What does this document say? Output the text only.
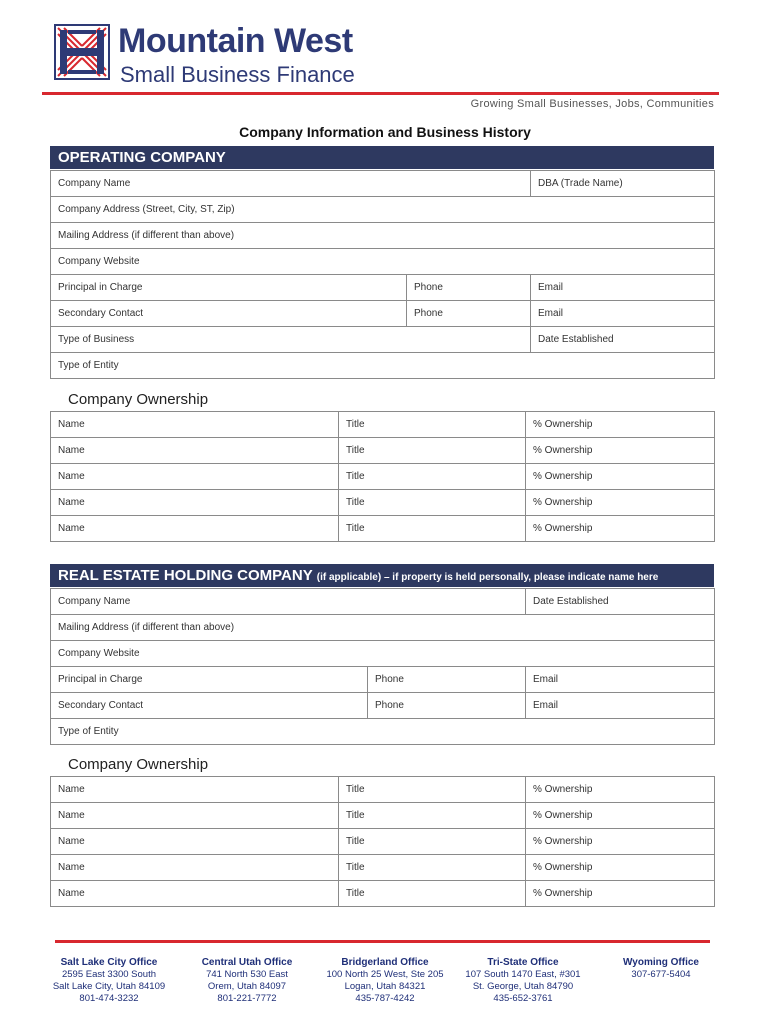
Mountain West
Small Business Finance
Growing Small Businesses, Jobs, Communities
Company Information and Business History
OPERATING COMPANY
Company Name		DBA (Trade Name)
Company Address (Street, City, ST, Zip)		
Mailing Address (if different than above)		
Company Website		
Principal in Charge	Phone	Email
Secondary Contact	Phone	Email
Type of Business		Date Established
Type of Entity		
Company Ownership
Name	Title	% Ownership
Name	Title	% Ownership
Name	Title	% Ownership
Name	Title	% Ownership
Name	Title	% Ownership
REAL ESTATE HOLDING COMPANY (if applicable) – if property is held personally, please indicate name here
Company Name		Date Established
Mailing Address (if different than above)		
Company Website		
Principal in Charge	Phone	Email
Secondary Contact	Phone	Email
Type of Entity		
Company Ownership
Name	Title	% Ownership
Name	Title	% Ownership
Name	Title	% Ownership
Name	Title	% Ownership
Name	Title	% Ownership
Salt Lake City Office
2595 East 3300 South
Salt Lake City, Utah 84109
801-474-3232
Central Utah Office
741 North 530 East
Orem, Utah 84097
801-221-7772
Bridgerland Office
100 North 25 West, Ste 205
Logan, Utah 84321
435-787-4242
Tri-State Office
107 South 1470 East, #301
St. George, Utah 84790
435-652-3761
Wyoming Office
307-677-5404
